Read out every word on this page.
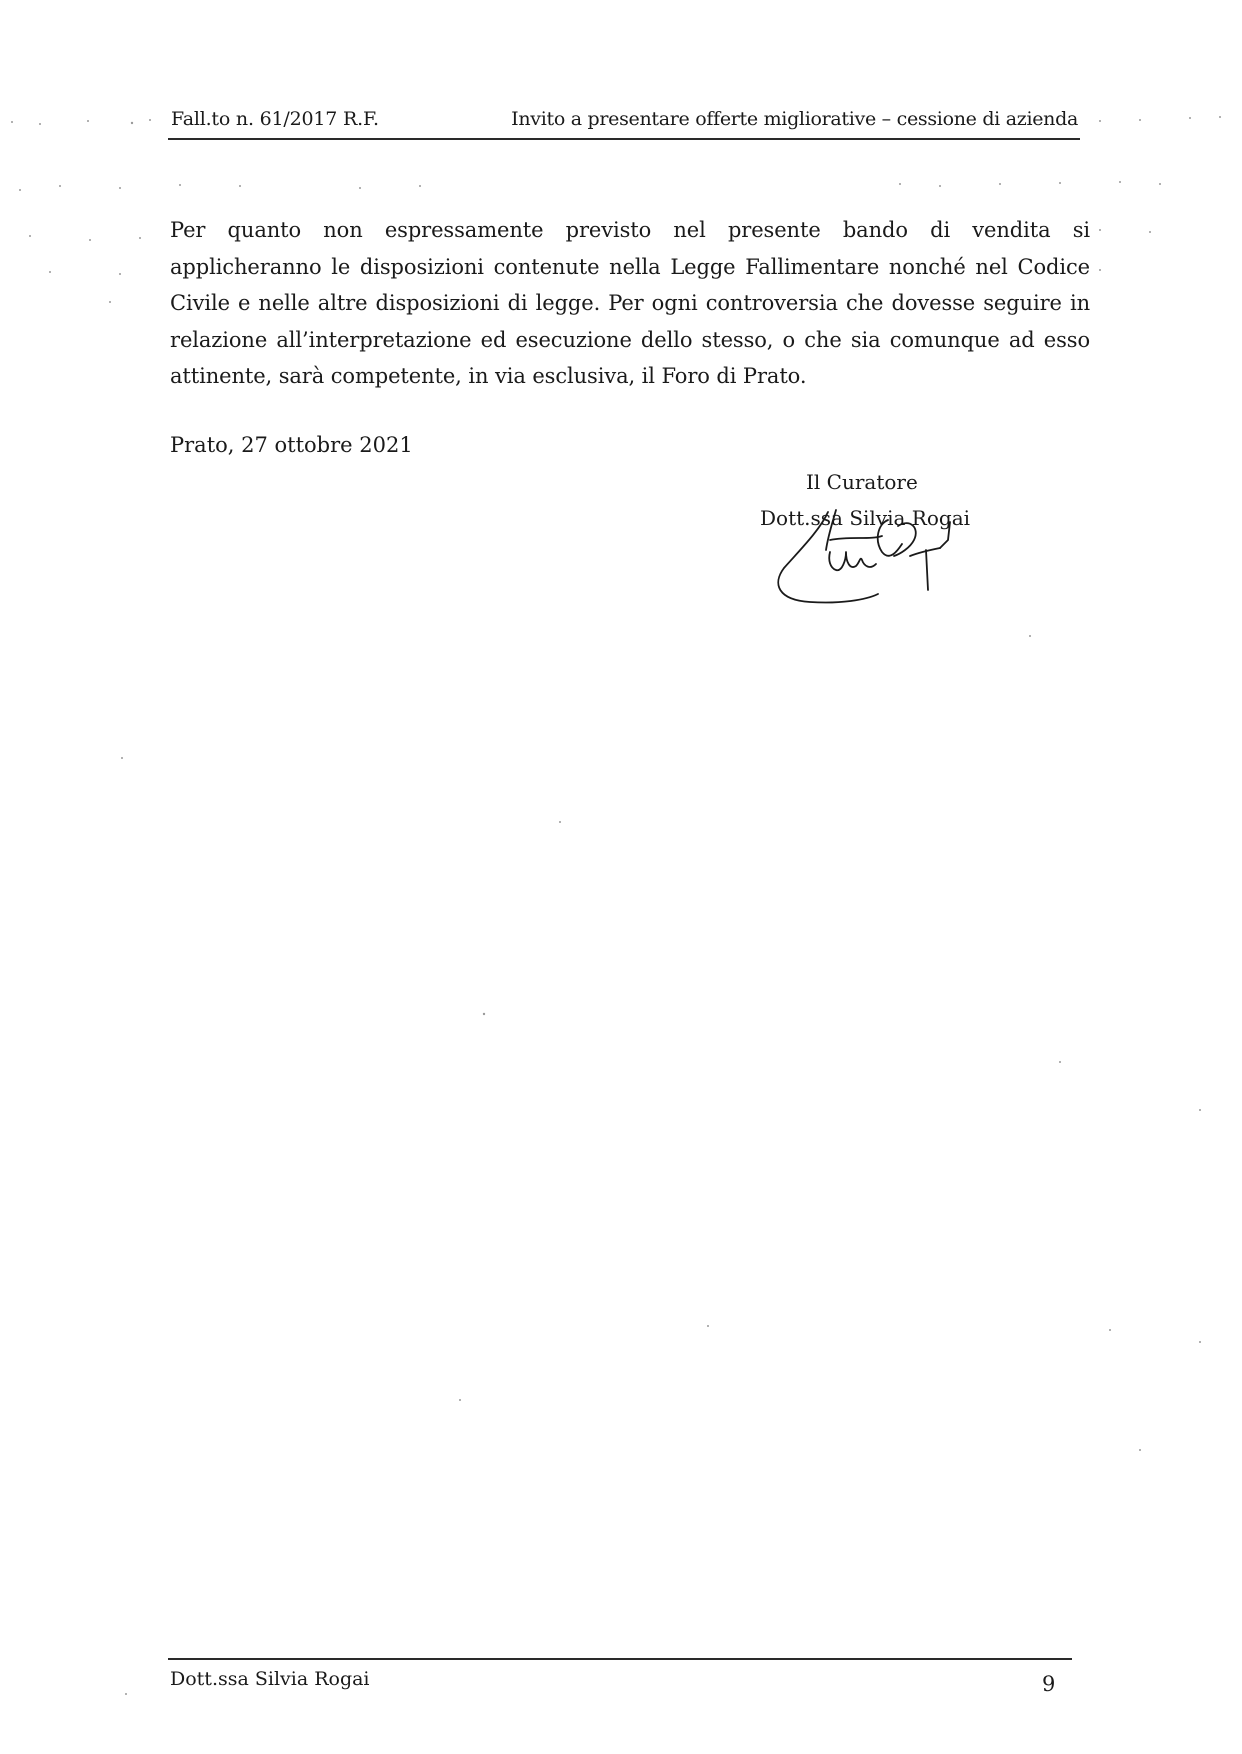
Fall.to n. 61/2017 R.F.	Invito a presentare offerte migliorative – cessione di azienda
Per quanto non espressamente previsto nel presente bando di vendita si applicheranno le disposizioni contenute nella Legge Fallimentare nonché nel Codice Civile e nelle altre disposizioni di legge. Per ogni controversia che dovesse seguire in relazione all’interpretazione ed esecuzione dello stesso, o che sia comunque ad esso attinente, sarà competente, in via esclusiva, il Foro di Prato.
Prato, 27 ottobre 2021
Il Curatore
Dott.ssa Silvia Rogai
Dott.ssa Silvia Rogai	9
